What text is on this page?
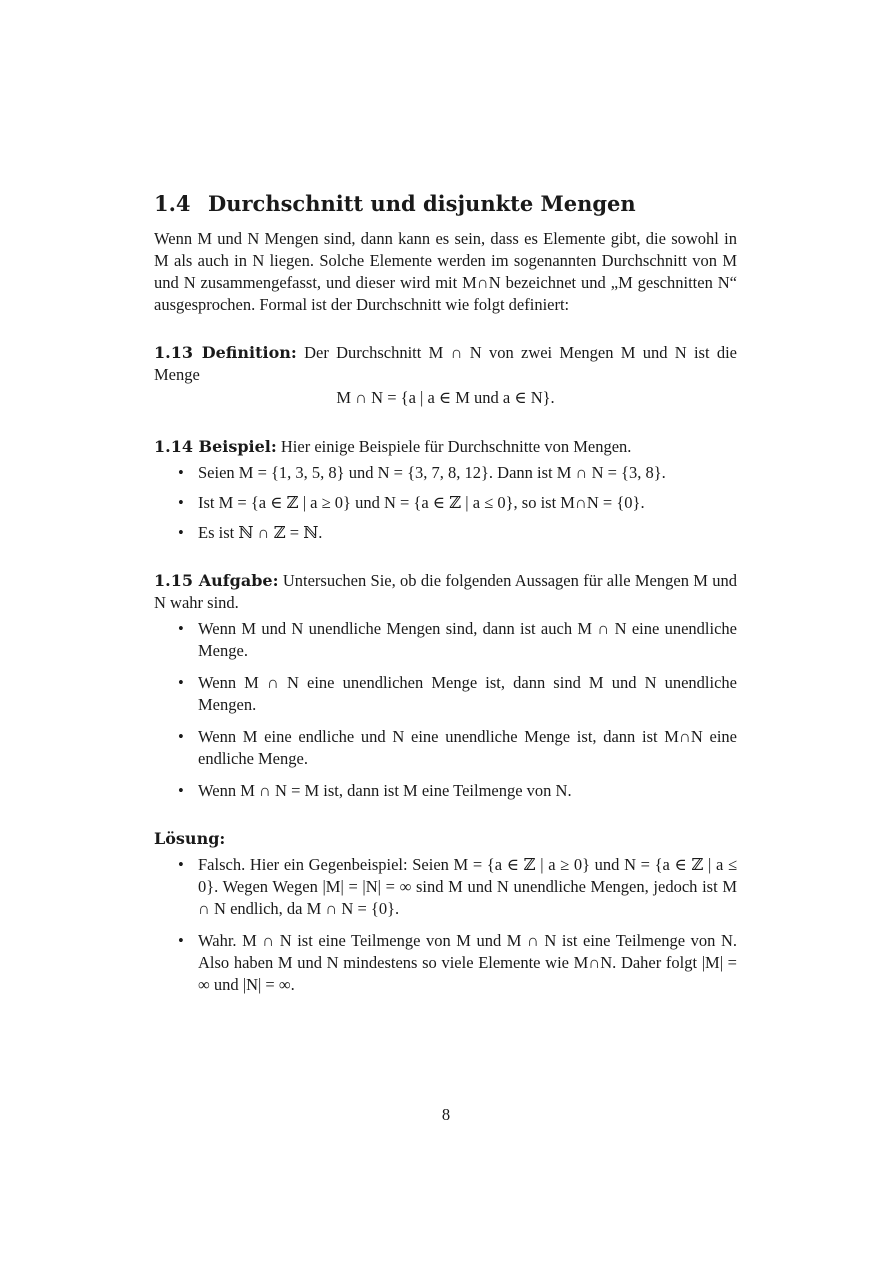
1.4 Durchschnitt und disjunkte Mengen

Wenn M und N Mengen sind, dann kann es sein, dass es Elemente gibt, die sowohl in M als auch in N liegen. Solche Elemente werden im sogenannten Durchschnitt von M und N zusammengefasst, und dieser wird mit M∩N bezeichnet und „M geschnitten N“ ausgesprochen. Formal ist der Durchschnitt wie folgt definiert:

1.13 Definition: Der Durchschnitt M ∩ N von zwei Mengen M und N ist die Menge

M ∩ N = {a | a ∈ M und a ∈ N}.

1.14 Beispiel: Hier einige Beispiele für Durchschnitte von Mengen.

• Seien M = {1, 3, 5, 8} und N = {3, 7, 8, 12}. Dann ist M ∩ N = {3, 8}.
• Ist M = {a ∈ ℤ | a ≥ 0} und N = {a ∈ ℤ | a ≤ 0}, so ist M∩N = {0}.
• Es ist ℕ ∩ ℤ = ℕ.

1.15 Aufgabe: Untersuchen Sie, ob die folgenden Aussagen für alle Mengen M und N wahr sind.

• Wenn M und N unendliche Mengen sind, dann ist auch M ∩ N eine unendliche Menge.
• Wenn M ∩ N eine unendlichen Menge ist, dann sind M und N unendliche Mengen.
• Wenn M eine endliche und N eine unendliche Menge ist, dann ist M∩N eine endliche Menge.
• Wenn M ∩ N = M ist, dann ist M eine Teilmenge von N.

Lösung:

• Falsch. Hier ein Gegenbeispiel: Seien M = {a ∈ ℤ | a ≥ 0} und N = {a ∈ ℤ | a ≤ 0}. Wegen Wegen |M| = |N| = ∞ sind M und N unendliche Mengen, jedoch ist M ∩ N endlich, da M ∩ N = {0}.
• Wahr. M ∩ N ist eine Teilmenge von M und M ∩ N ist eine Teilmenge von N. Also haben M und N mindestens so viele Elemente wie M∩N. Daher folgt |M| = ∞ und |N| = ∞.
8
